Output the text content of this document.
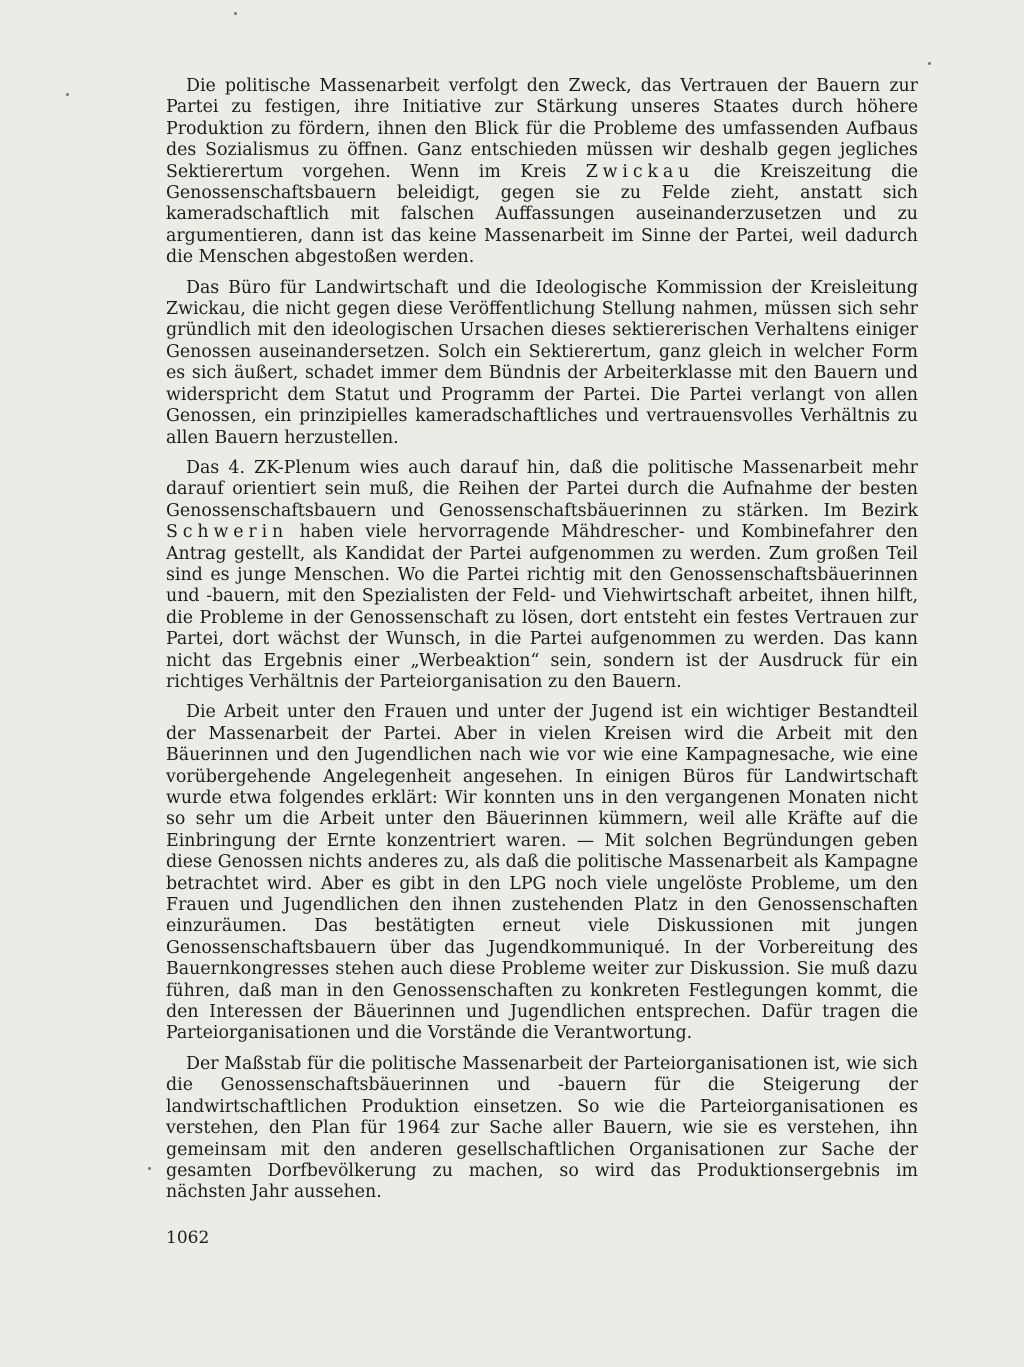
Die politische Massenarbeit verfolgt den Zweck, das Vertrauen der Bauern zur Partei zu festigen, ihre Initiative zur Stärkung unseres Staates durch höhere Produktion zu fördern, ihnen den Blick für die Probleme des umfassenden Aufbaus des Sozialismus zu öffnen. Ganz entschieden müssen wir deshalb gegen jegliches Sektierertum vorgehen. Wenn im Kreis Zwickau die Kreiszeitung die Genossenschaftsbauern beleidigt, gegen sie zu Felde zieht, anstatt sich kameradschaftlich mit falschen Auffassungen auseinanderzusetzen und zu argumentieren, dann ist das keine Massenarbeit im Sinne der Partei, weil dadurch die Menschen abgestoßen werden.

Das Büro für Landwirtschaft und die Ideologische Kommission der Kreisleitung Zwickau, die nicht gegen diese Veröffentlichung Stellung nahmen, müssen sich sehr gründlich mit den ideologischen Ursachen dieses sektiererischen Verhaltens einiger Genossen auseinandersetzen. Solch ein Sektierertum, ganz gleich in welcher Form es sich äußert, schadet immer dem Bündnis der Arbeiterklasse mit den Bauern und widerspricht dem Statut und Programm der Partei. Die Partei verlangt von allen Genossen, ein prinzipielles kameradschaftliches und vertrauensvolles Verhältnis zu allen Bauern herzustellen.

Das 4. ZK-Plenum wies auch darauf hin, daß die politische Massenarbeit mehr darauf orientiert sein muß, die Reihen der Partei durch die Aufnahme der besten Genossenschaftsbauern und Genossenschaftsbäuerinnen zu stärken. Im Bezirk Schwerin haben viele hervorragende Mähdrescher- und Kombinefahrer den Antrag gestellt, als Kandidat der Partei aufgenommen zu werden. Zum großen Teil sind es junge Menschen. Wo die Partei richtig mit den Genossenschaftsbäuerinnen und -bauern, mit den Spezialisten der Feld- und Viehwirtschaft arbeitet, ihnen hilft, die Probleme in der Genossenschaft zu lösen, dort entsteht ein festes Vertrauen zur Partei, dort wächst der Wunsch, in die Partei aufgenommen zu werden. Das kann nicht das Ergebnis einer „Werbeaktion“ sein, sondern ist der Ausdruck für ein richtiges Verhältnis der Parteiorganisation zu den Bauern.

Die Arbeit unter den Frauen und unter der Jugend ist ein wichtiger Bestandteil der Massenarbeit der Partei. Aber in vielen Kreisen wird die Arbeit mit den Bäuerinnen und den Jugendlichen nach wie vor wie eine Kampagnesache, wie eine vorübergehende Angelegenheit angesehen. In einigen Büros für Landwirtschaft wurde etwa folgendes erklärt: Wir konnten uns in den vergangenen Monaten nicht so sehr um die Arbeit unter den Bäuerinnen kümmern, weil alle Kräfte auf die Einbringung der Ernte konzentriert waren. — Mit solchen Begründungen geben diese Genossen nichts anderes zu, als daß die politische Massenarbeit als Kampagne betrachtet wird. Aber es gibt in den LPG noch viele ungelöste Probleme, um den Frauen und Jugendlichen den ihnen zustehenden Platz in den Genossenschaften einzuräumen. Das bestätigten erneut viele Diskussionen mit jungen Genossenschaftsbauern über das Jugendkommuniqué. In der Vorbereitung des Bauernkongresses stehen auch diese Probleme weiter zur Diskussion. Sie muß dazu führen, daß man in den Genossenschaften zu konkreten Festlegungen kommt, die den Interessen der Bäuerinnen und Jugendlichen entsprechen. Dafür tragen die Parteiorganisationen und die Vorstände die Verantwortung.

Der Maßstab für die politische Massenarbeit der Parteiorganisationen ist, wie sich die Genossenschaftsbäuerinnen und -bauern für die Steigerung der landwirtschaftlichen Produktion einsetzen. So wie die Parteiorganisationen es verstehen, den Plan für 1964 zur Sache aller Bauern, wie sie es verstehen, ihn gemeinsam mit den anderen gesellschaftlichen Organisationen zur Sache der gesamten Dorfbevölkerung zu machen, so wird das Produktionsergebnis im nächsten Jahr aussehen.

1062
